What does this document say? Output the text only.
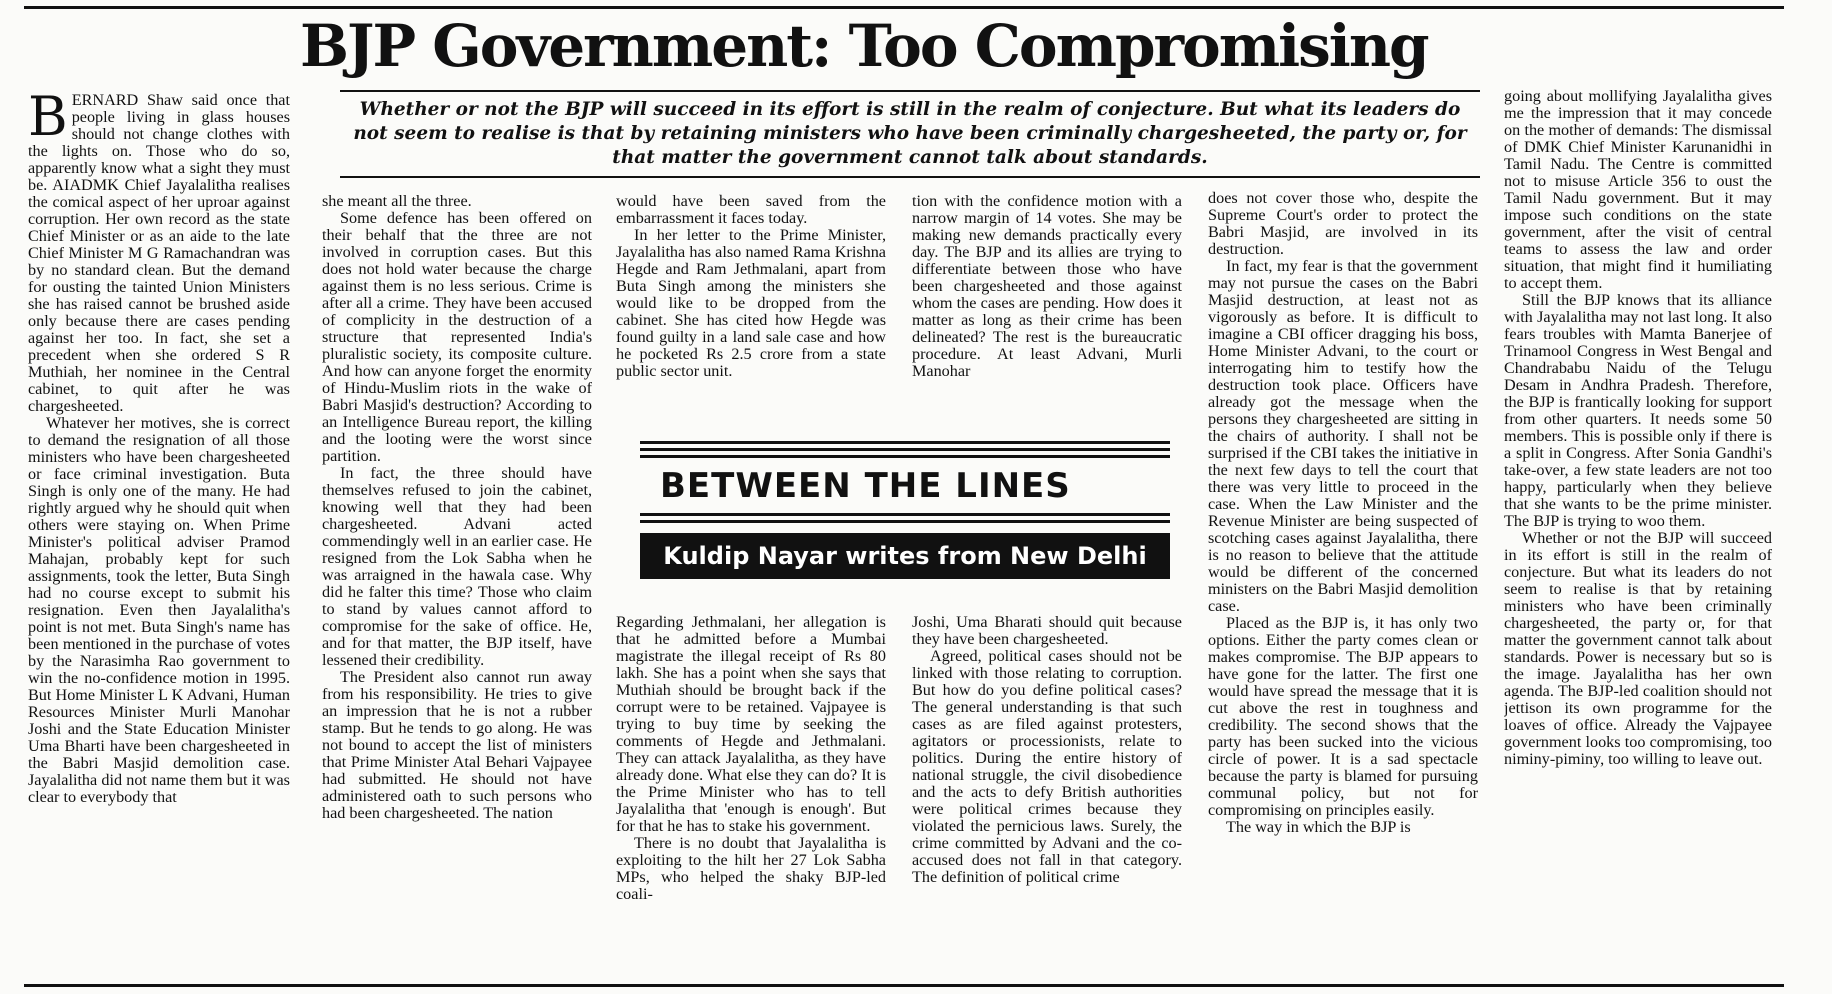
BJP Government: Too Compromising

BERNARD Shaw said once that people living in glass houses should not change clothes with the lights on. Those who do so, apparently know what a sight they must be. AIADMK Chief Jayalalitha realises the comical aspect of her uproar against corruption. Her own record as the state Chief Minister or as an aide to the late Chief Minister M G Ramachandran was by no standard clean. But the demand for ousting the tainted Union Ministers she has raised cannot be brushed aside only because there are cases pending against her too. In fact, she set a precedent when she ordered S R Muthiah, her nominee in the Central cabinet, to quit after he was chargesheeted.

Whatever her motives, she is correct to demand the resignation of all those ministers who have been chargesheeted or face criminal investigation. Buta Singh is only one of the many. He had rightly argued why he should quit when others were staying on. When Prime Minister's political adviser Pramod Mahajan, probably kept for such assignments, took the letter, Buta Singh had no course except to submit his resignation. Even then Jayalalitha's point is not met. Buta Singh's name has been mentioned in the purchase of votes by the Narasimha Rao government to win the no-confidence motion in 1995. But Home Minister L K Advani, Human Resources Minister Murli Manohar Joshi and the State Education Minister Uma Bharti have been chargesheeted in the Babri Masjid demolition case. Jayalalitha did not name them but it was clear to everybody that

Whether or not the BJP will succeed in its effort is still in the realm of conjecture. But what its leaders do not seem to realise is that by retaining ministers who have been criminally chargesheeted, the party or, for that matter the government cannot talk about standards.

she meant all the three.

Some defence has been offered on their behalf that the three are not involved in corruption cases. But this does not hold water because the charge against them is no less serious. Crime is after all a crime. They have been accused of complicity in the destruction of a structure that represented India's pluralistic society, its composite culture. And how can anyone forget the enormity of Hindu-Muslim riots in the wake of Babri Masjid's destruction? According to an Intelligence Bureau report, the killing and the looting were the worst since partition.

In fact, the three should have themselves refused to join the cabinet, knowing well that they had been chargesheeted. Advani acted commendingly well in an earlier case. He resigned from the Lok Sabha when he was arraigned in the hawala case. Why did he falter this time? Those who claim to stand by values cannot afford to compromise for the sake of office. He, and for that matter, the BJP itself, have lessened their credibility.

The President also cannot run away from his responsibility. He tries to give an impression that he is not a rubber stamp. But he tends to go along. He was not bound to accept the list of ministers that Prime Minister Atal Behari Vajpayee had submitted. He should not have administered oath to such persons who had been chargesheeted. The nation

would have been saved from the embarrassment it faces today.

In her letter to the Prime Minister, Jayalalitha has also named Rama Krishna Hegde and Ram Jethmalani, apart from Buta Singh among the ministers she would like to be dropped from the cabinet. She has cited how Hegde was found guilty in a land sale case and how he pocketed Rs 2.5 crore from a state public sector unit.

tion with the confidence motion with a narrow margin of 14 votes. She may be making new demands practically every day. The BJP and its allies are trying to differentiate between those who have been chargesheeted and those against whom the cases are pending. How does it matter as long as their crime has been delineated? The rest is the bureaucratic procedure. At least Advani, Murli Manohar

BETWEEN THE LINES
Kuldip Nayar writes from New Delhi

Regarding Jethmalani, her allegation is that he admitted before a Mumbai magistrate the illegal receipt of Rs 80 lakh. She has a point when she says that Muthiah should be brought back if the corrupt were to be retained. Vajpayee is trying to buy time by seeking the comments of Hegde and Jethmalani. They can attack Jayalalitha, as they have already done. What else they can do? It is the Prime Minister who has to tell Jayalalitha that 'enough is enough'. But for that he has to stake his government.

There is no doubt that Jayalalitha is exploiting to the hilt her 27 Lok Sabha MPs, who helped the shaky BJP-led coali-

Joshi, Uma Bharati should quit because they have been chargesheeted.

Agreed, political cases should not be linked with those relating to corruption. But how do you define political cases? The general understanding is that such cases as are filed against protesters, agitators or processionists, relate to politics. During the entire history of national struggle, the civil disobedience and the acts to defy British authorities were political crimes because they violated the pernicious laws. Surely, the crime committed by Advani and the co-accused does not fall in that category. The definition of political crime

does not cover those who, despite the Supreme Court's order to protect the Babri Masjid, are involved in its destruction.

In fact, my fear is that the government may not pursue the cases on the Babri Masjid destruction, at least not as vigorously as before. It is difficult to imagine a CBI officer dragging his boss, Home Minister Advani, to the court or interrogating him to testify how the destruction took place. Officers have already got the message when the persons they chargesheeted are sitting in the chairs of authority. I shall not be surprised if the CBI takes the initiative in the next few days to tell the court that there was very little to proceed in the case. When the Law Minister and the Revenue Minister are being suspected of scotching cases against Jayalalitha, there is no reason to believe that the attitude would be different of the concerned ministers on the Babri Masjid demolition case.

Placed as the BJP is, it has only two options. Either the party comes clean or makes compromise. The BJP appears to have gone for the latter. The first one would have spread the message that it is cut above the rest in toughness and credibility. The second shows that the party has been sucked into the vicious circle of power. It is a sad spectacle because the party is blamed for pursuing communal policy, but not for compromising on principles easily.

The way in which the BJP is

going about mollifying Jayalalitha gives me the impression that it may concede on the mother of demands: The dismissal of DMK Chief Minister Karunanidhi in Tamil Nadu. The Centre is committed not to misuse Article 356 to oust the Tamil Nadu government. But it may impose such conditions on the state government, after the visit of central teams to assess the law and order situation, that might find it humiliating to accept them.

Still the BJP knows that its alliance with Jayalalitha may not last long. It also fears troubles with Mamta Banerjee of Trinamool Congress in West Bengal and Chandrababu Naidu of the Telugu Desam in Andhra Pradesh. Therefore, the BJP is frantically looking for support from other quarters. It needs some 50 members. This is possible only if there is a split in Congress. After Sonia Gandhi's take-over, a few state leaders are not too happy, particularly when they believe that she wants to be the prime minister. The BJP is trying to woo them.

Whether or not the BJP will succeed in its effort is still in the realm of conjecture. But what its leaders do not seem to realise is that by retaining ministers who have been criminally chargesheeted, the party or, for that matter the government cannot talk about standards. Power is necessary but so is the image. Jayalalitha has her own agenda. The BJP-led coalition should not jettison its own programme for the loaves of office. Already the Vajpayee government looks too compromising, too niminy-piminy, too willing to leave out.
